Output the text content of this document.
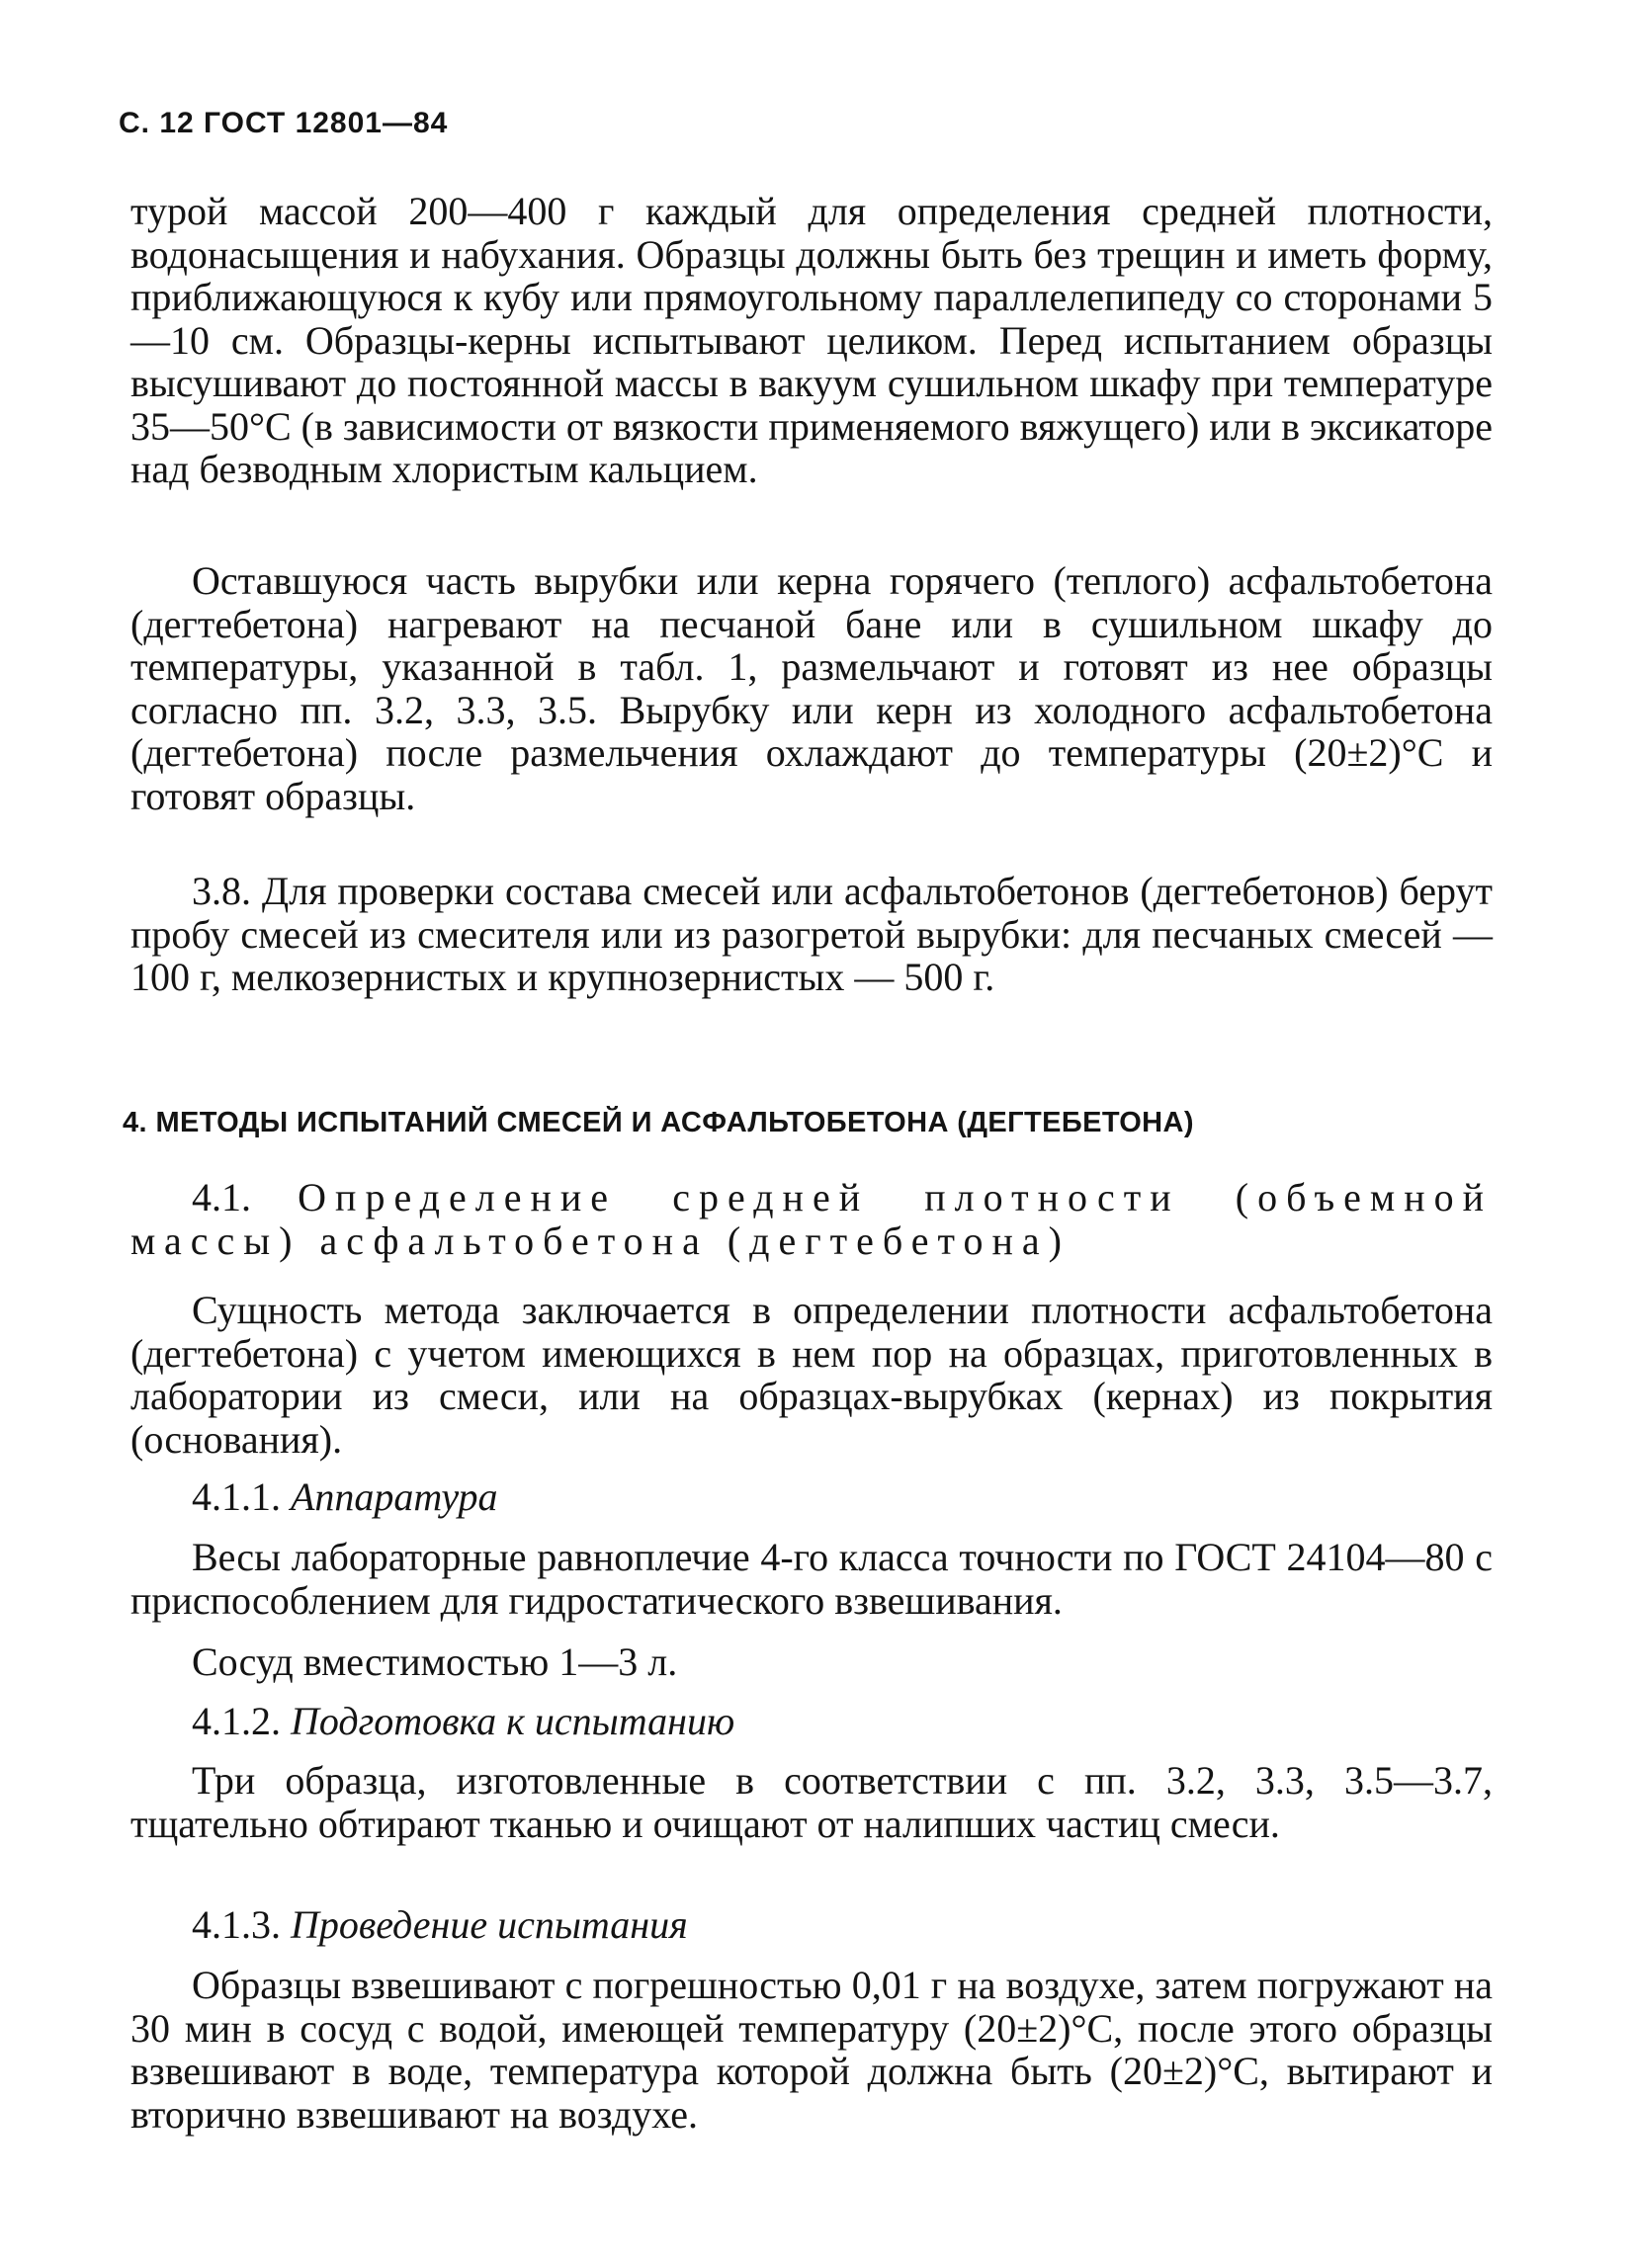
С. 12 ГОСТ 12801—84

турой массой 200—400 г каждый для определения средней плотности, водонасыщения и набухания. Образцы должны быть без трещин и иметь форму, приближающуюся к кубу или прямоугольному параллелепипеду со сторонами 5—10 см. Образцы-керны испытывают целиком. Перед испытанием образцы высушивают до постоянной массы в вакуум сушильном шкафу при температуре 35—50°С (в зависимости от вязкости применяемого вяжущего) или в эксикаторе над безводным хлористым кальцием.

Оставшуюся часть вырубки или керна горячего (теплого) асфальтобетона (дегтебетона) нагревают на песчаной бане или в сушильном шкафу до температуры, указанной в табл. 1, размельчают и готовят из нее образцы согласно пп. 3.2, 3.3, 3.5. Вырубку или керн из холодного асфальтобетона (дегтебетона) после размельчения охлаждают до температуры (20±2)°С и готовят образцы.

3.8. Для проверки состава смесей или асфальтобетонов (дегтебетонов) берут пробу смесей из смесителя или из разогретой вырубки: для песчаных смесей — 100 г, мелкозернистых и крупнозернистых — 500 г.

4. МЕТОДЫ ИСПЫТАНИЙ СМЕСЕЙ И АСФАЛЬТОБЕТОНА (ДЕГТЕБЕТОНА)

4.1. Определение средней плотности (объемной массы) асфальтобетона (дегтебетона)

Сущность метода заключается в определении плотности асфальтобетона (дегтебетона) с учетом имеющихся в нем пор на образцах, приготовленных в лаборатории из смеси, или на образцах-вырубках (кернах) из покрытия (основания).

4.1.1. Аппаратура

Весы лабораторные равноплечие 4-го класса точности по ГОСТ 24104—80 с приспособлением для гидростатического взвешивания.

Сосуд вместимостью 1—3 л.

4.1.2. Подготовка к испытанию

Три образца, изготовленные в соответствии с пп. 3.2, 3.3, 3.5—3.7, тщательно обтирают тканью и очищают от налипших частиц смеси.

4.1.3. Проведение испытания

Образцы взвешивают с погрешностью 0,01 г на воздухе, затем погружают на 30 мин в сосуд с водой, имеющей температуру (20±2)°С, после этого образцы взвешивают в воде, температура которой должна быть (20±2)°С, вытирают и вторично взвешивают на воздухе.
